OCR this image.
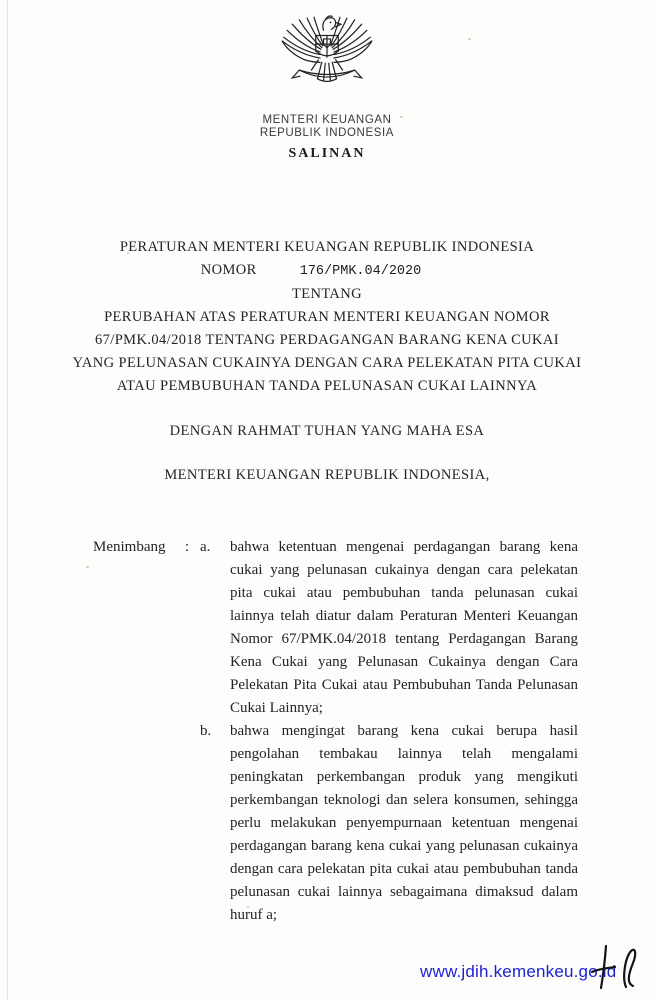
MENTERI KEUANGAN
REPUBLIK INDONESIA
SALINAN
PERATURAN MENTERI KEUANGAN REPUBLIK INDONESIA
NOMOR	176/PMK.04/2020
TENTANG
PERUBAHAN ATAS PERATURAN MENTERI KEUANGAN NOMOR
67/PMK.04/2018 TENTANG PERDAGANGAN BARANG KENA CUKAI
YANG PELUNASAN CUKAINYA DENGAN CARA PELEKATAN PITA CUKAI
ATAU PEMBUBUHAN TANDA PELUNASAN CUKAI LAINNYA
DENGAN RAHMAT TUHAN YANG MAHA ESA
MENTERI KEUANGAN REPUBLIK INDONESIA,
Menimbang	: a.	bahwa ketentuan mengenai perdagangan barang kena cukai yang pelunasan cukainya dengan cara pelekatan pita cukai atau pembubuhan tanda pelunasan cukai lainnya telah diatur dalam Peraturan Menteri Keuangan Nomor 67/PMK.04/2018 tentang Perdagangan Barang Kena Cukai yang Pelunasan Cukainya dengan Cara Pelekatan Pita Cukai atau Pembubuhan Tanda Pelunasan Cukai Lainnya;
b.	bahwa mengingat barang kena cukai berupa hasil pengolahan tembakau lainnya telah mengalami peningkatan perkembangan produk yang mengikuti perkembangan teknologi dan selera konsumen, sehingga perlu melakukan penyempurnaan ketentuan mengenai perdagangan barang kena cukai yang pelunasan cukainya dengan cara pelekatan pita cukai atau pembubuhan tanda pelunasan cukai lainnya sebagaimana dimaksud dalam huruf a;
www.jdih.kemenkeu.go.id
